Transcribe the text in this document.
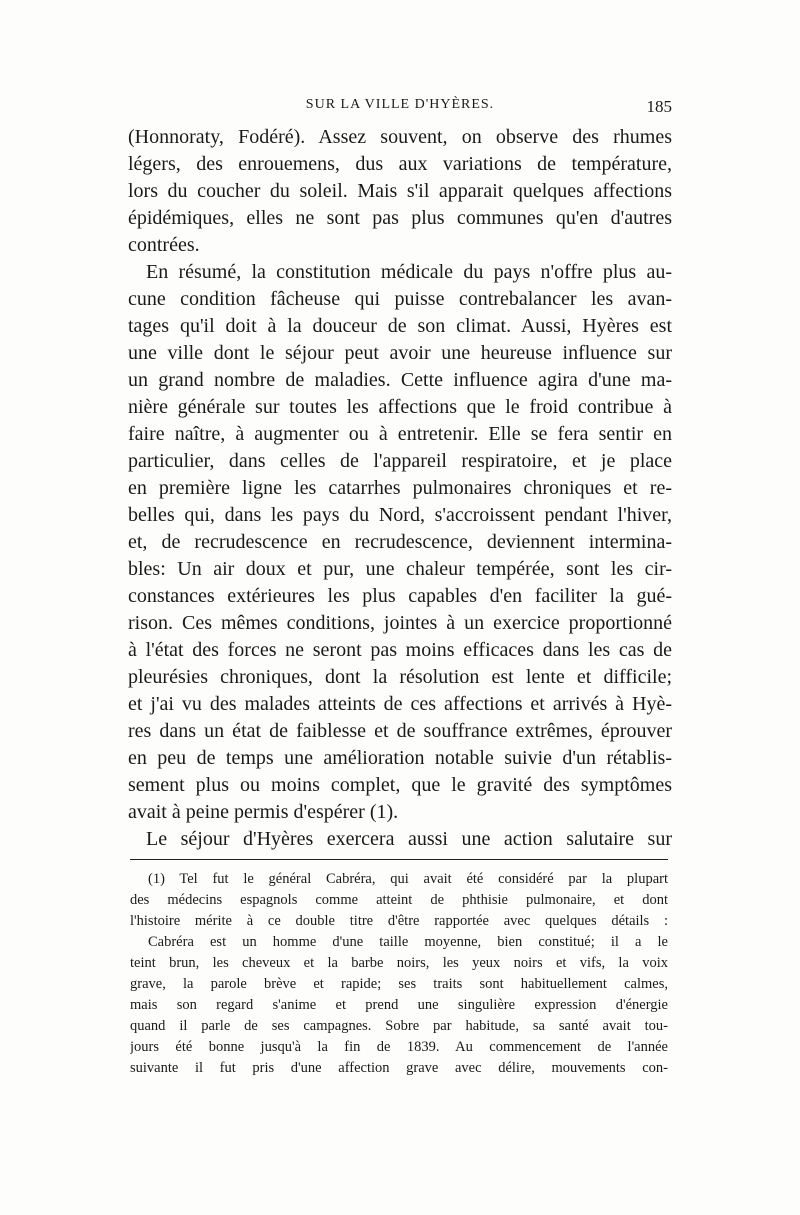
SUR LA VILLE D'HYÈRES.	185
(Honnoraty, Fodéré). Assez souvent, on observe des rhumes
légers, des enrouemens, dus aux variations de température,
lors du coucher du soleil. Mais s'il apparait quelques affections
épidémiques, elles ne sont pas plus communes qu'en d'autres
contrées.
En résumé, la constitution médicale du pays n'offre plus au-
cune condition fâcheuse qui puisse contrebalancer les avan-
tages qu'il doit à la douceur de son climat. Aussi, Hyères est
une ville dont le séjour peut avoir une heureuse influence sur
un grand nombre de maladies. Cette influence agira d'une ma-
nière générale sur toutes les affections que le froid contribue à
faire naître, à augmenter ou à entretenir. Elle se fera sentir en
particulier, dans celles de l'appareil respiratoire, et je place
en première ligne les catarrhes pulmonaires chroniques et re-
belles qui, dans les pays du Nord, s'accroissent pendant l'hiver,
et, de recrudescence en recrudescence, deviennent intermina-
bles: Un air doux et pur, une chaleur tempérée, sont les cir-
constances extérieures les plus capables d'en faciliter la gué-
rison. Ces mêmes conditions, jointes à un exercice proportionné
à l'état des forces ne seront pas moins efficaces dans les cas de
pleurésies chroniques, dont la résolution est lente et difficile;
et j'ai vu des malades atteints de ces affections et arrivés à Hyè-
res dans un état de faiblesse et de souffrance extrêmes, éprouver
en peu de temps une amélioration notable suivie d'un rétablis-
sement plus ou moins complet, que le gravité des symptômes
avait à peine permis d'espérer (1).
Le séjour d'Hyères exercera aussi une action salutaire sur
(1) Tel fut le général Cabréra, qui avait été considéré par la plupart
des médecins espagnols comme atteint de phthisie pulmonaire, et dont
l'histoire mérite à ce double titre d'être rapportée avec quelques détails :
Cabréra est un homme d'une taille moyenne, bien constitué; il a le
teint brun, les cheveux et la barbe noirs, les yeux noirs et vifs, la voix
grave, la parole brève et rapide; ses traits sont habituellement calmes,
mais son regard s'anime et prend une singulière expression d'énergie
quand il parle de ses campagnes. Sobre par habitude, sa santé avait tou-
jours été bonne jusqu'à la fin de 1839. Au commencement de l'année
suivante il fut pris d'une affection grave avec délire, mouvements con-
